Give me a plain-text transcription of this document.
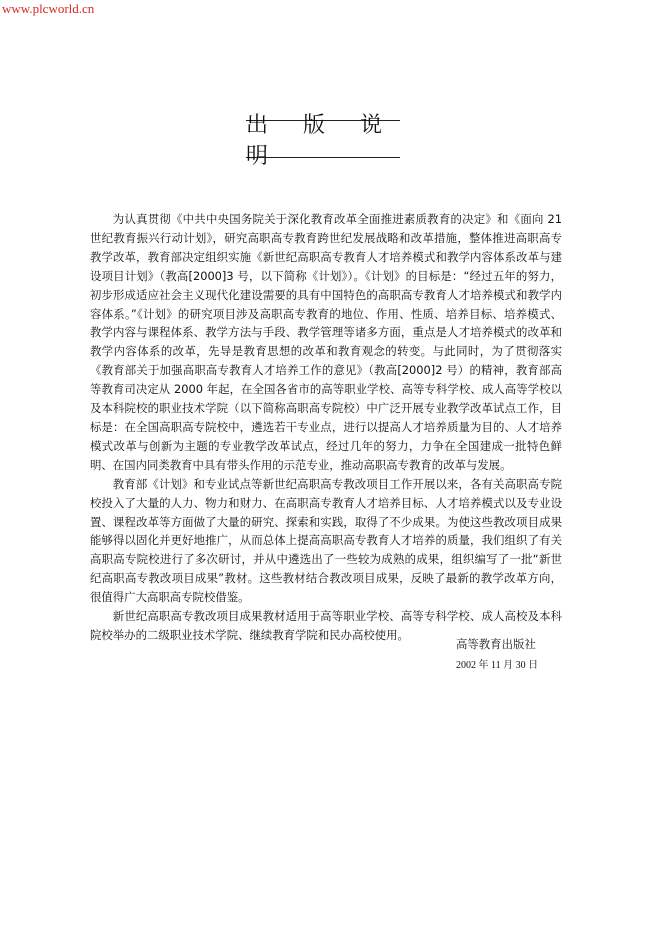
www.plcworld.cn
出 版 说 明

为认真贯彻《中共中央国务院关于深化教育改革全面推进素质教育的决定》和《面向 21 世纪教育振兴行动计划》，研究高职高专教育跨世纪发展战略和改革措施，整体推进高职高专教学改革，教育部决定组织实施《新世纪高职高专教育人才培养模式和教学内容体系改革与建设项目计划》（教高[2000]3 号，以下简称《计划》）。《计划》的目标是：“经过五年的努力，初步形成适应社会主义现代化建设需要的具有中国特色的高职高专教育人才培养模式和教学内容体系。”《计划》的研究项目涉及高职高专教育的地位、作用、性质、培养目标、培养模式、教学内容与课程体系、教学方法与手段、教学管理等诸多方面，重点是人才培养模式的改革和教学内容体系的改革，先导是教育思想的改革和教育观念的转变。与此同时，为了贯彻落实《教育部关于加强高职高专教育人才培养工作的意见》（教高[2000]2 号）的精神，教育部高等教育司决定从 2000 年起，在全国各省市的高等职业学校、高等专科学校、成人高等学校以及本科院校的职业技术学院（以下简称高职高专院校）中广泛开展专业教学改革试点工作，目标是：在全国高职高专院校中，遴选若干专业点，进行以提高人才培养质量为目的、人才培养模式改革与创新为主题的专业教学改革试点，经过几年的努力，力争在全国建成一批特色鲜明、在国内同类教育中具有带头作用的示范专业，推动高职高专教育的改革与发展。

教育部《计划》和专业试点等新世纪高职高专教改项目工作开展以来，各有关高职高专院校投入了大量的人力、物力和财力、在高职高专教育人才培养目标、人才培养模式以及专业设置、课程改革等方面做了大量的研究、探索和实践，取得了不少成果。为使这些教改项目成果能够得以固化并更好地推广，从而总体上提高高职高专教育人才培养的质量，我们组织了有关高职高专院校进行了多次研讨，并从中遴选出了一些较为成熟的成果，组织编写了一批“新世纪高职高专教改项目成果”教材。这些教材结合教改项目成果，反映了最新的教学改革方向，很值得广大高职高专院校借鉴。

新世纪高职高专教改项目成果教材适用于高等职业学校、高等专科学校、成人高校及本科院校举办的二级职业技术学院、继续教育学院和民办高校使用。

高等教育出版社
2002 年 11 月 30 日
